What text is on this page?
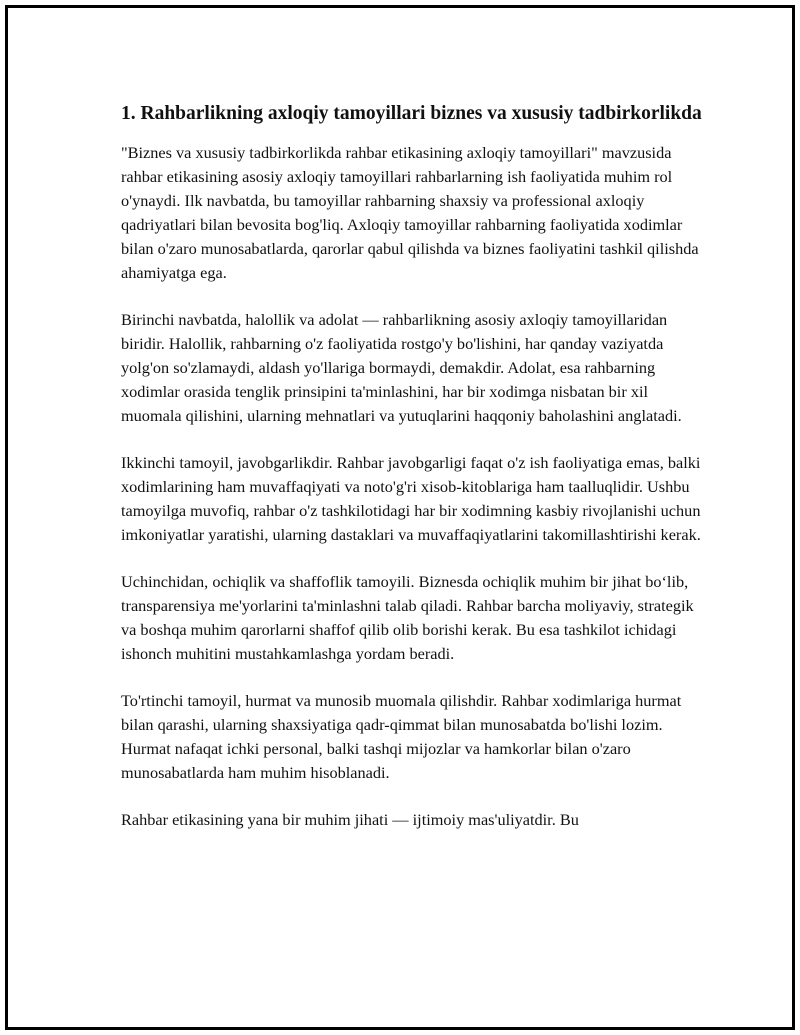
1. Rahbarlikning axloqiy tamoyillari biznes va xususiy tadbirkorlikda

"Biznes va xususiy tadbirkorlikda rahbar etikasining axloqiy tamoyillari" mavzusida rahbar etikasining asosiy axloqiy tamoyillari rahbarlarning ish faoliyatida muhim rol o'ynaydi. Ilk navbatda, bu tamoyillar rahbarning shaxsiy va professional axloqiy qadriyatlari bilan bevosita bog'liq. Axloqiy tamoyillar rahbarning faoliyatida xodimlar bilan o'zaro munosabatlarda, qarorlar qabul qilishda va biznes faoliyatini tashkil qilishda ahamiyatga ega.

Birinchi navbatda, halollik va adolat — rahbarlikning asosiy axloqiy tamoyillaridan biridir. Halollik, rahbarning o'z faoliyatida rostgo'y bo'lishini, har qanday vaziyatda yolg'on so'zlamaydi, aldash yo'llariga bormaydi, demakdir. Adolat, esa rahbarning xodimlar orasida tenglik prinsipini ta'minlashini, har bir xodimga nisbatan bir xil muomala qilishini, ularning mehnatlari va yutuqlarini haqqoniy baholashini anglatadi.

Ikkinchi tamoyil, javobgarlikdir. Rahbar javobgarligi faqat o'z ish faoliyatiga emas, balki xodimlarining ham muvaffaqiyati va noto'g'ri xisob-kitoblariga ham taalluqlidir. Ushbu tamoyilga muvofiq, rahbar o'z tashkilotidagi har bir xodimning kasbiy rivojlanishi uchun imkoniyatlar yaratishi, ularning dastaklari va muvaffaqiyatlarini takomillashtirishi kerak.

Uchinchidan, ochiqlik va shaffoflik tamoyili. Biznesda ochiqlik muhim bir jihat bo‘lib, transparensiya me'yorlarini ta'minlashni talab qiladi. Rahbar barcha moliyaviy, strategik va boshqa muhim qarorlarni shaffof qilib olib borishi kerak. Bu esa tashkilot ichidagi ishonch muhitini mustahkamlashga yordam beradi.

To'rtinchi tamoyil, hurmat va munosib muomala qilishdir. Rahbar xodimlariga hurmat bilan qarashi, ularning shaxsiyatiga qadr-qimmat bilan munosabatda bo'lishi lozim. Hurmat nafaqat ichki personal, balki tashqi mijozlar va hamkorlar bilan o'zaro munosabatlarda ham muhim hisoblanadi.

Rahbar etikasining yana bir muhim jihati — ijtimoiy mas'uliyatdir. Bu
